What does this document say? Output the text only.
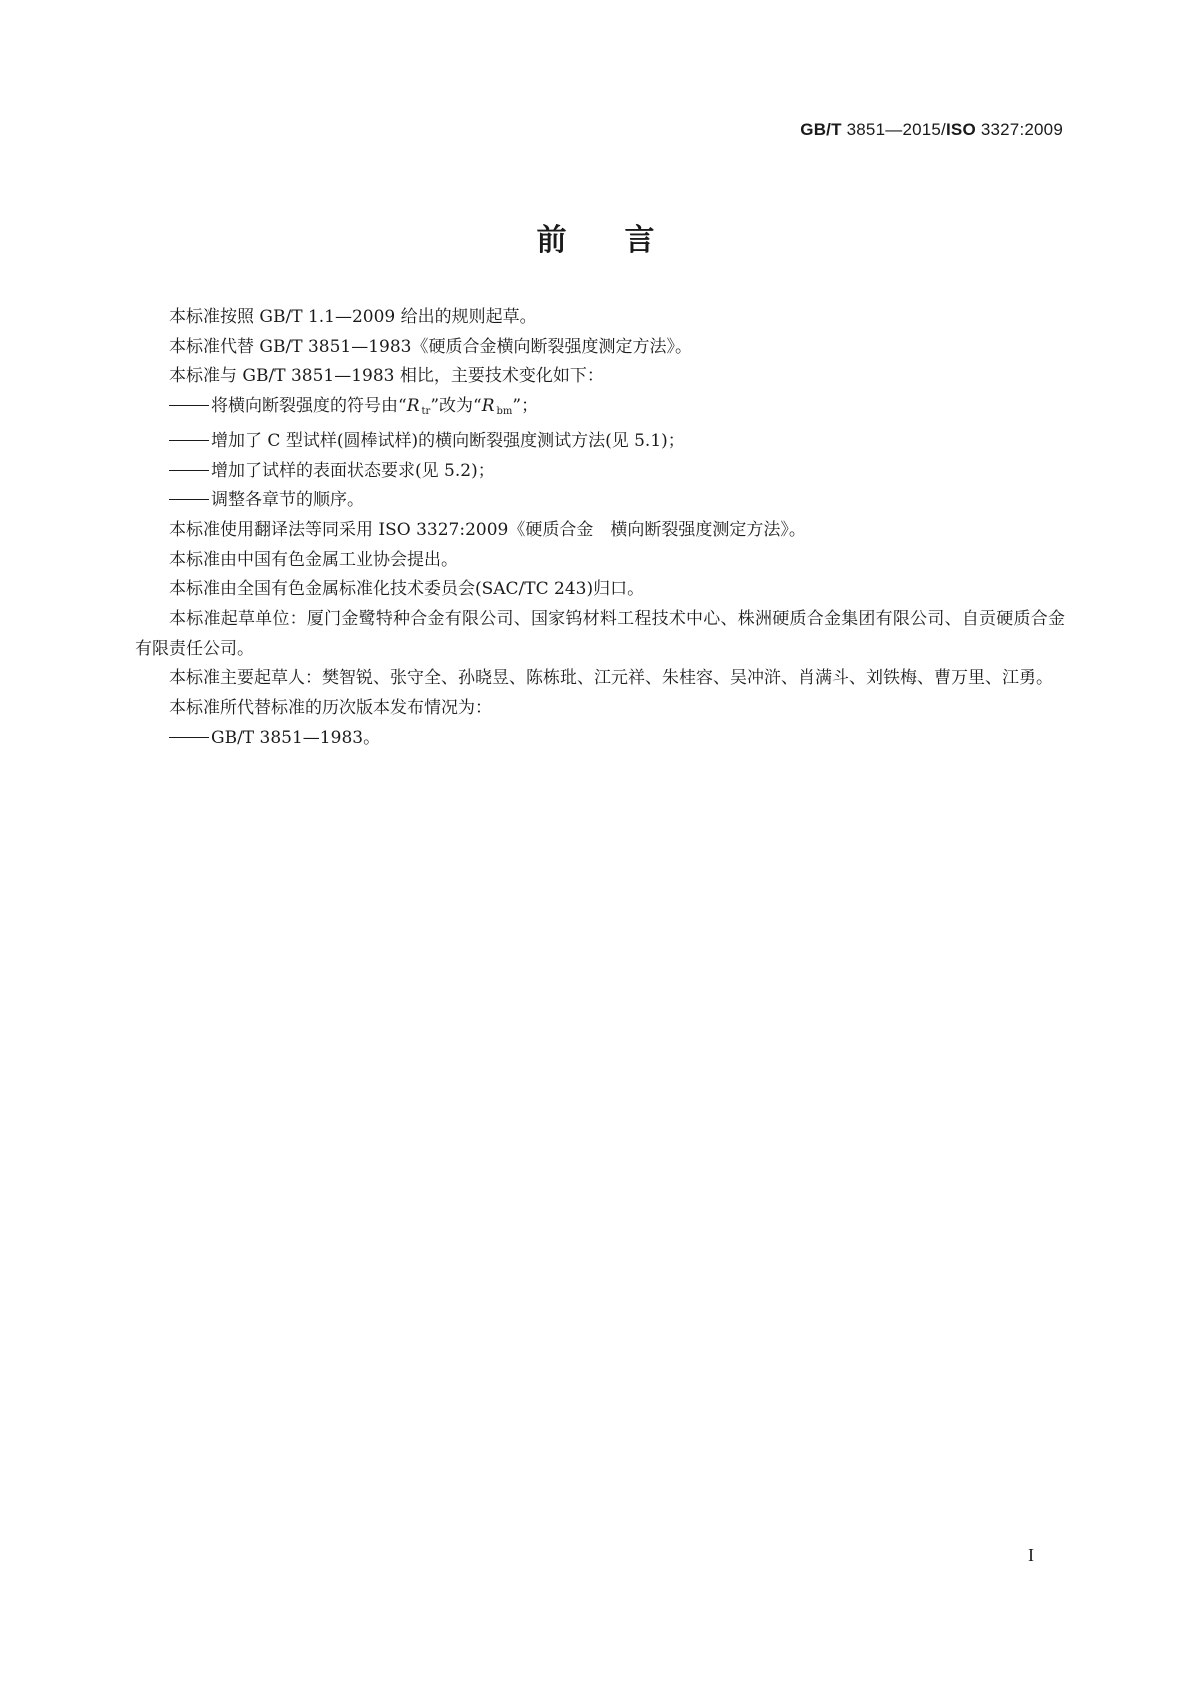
GB/T 3851—2015/ISO 3327:2009
前言

本标准按照 GB/T 1.1—2009 给出的规则起草。

本标准代替 GB/T 3851—1983《硬质合金横向断裂强度测定方法》。

本标准与 GB/T 3851—1983 相比，主要技术变化如下：

将横向断裂强度的符号由“R $_{tr}$”改为“R $_{bm}$”；

增加了 C 型试样(圆棒试样)的横向断裂强度测试方法(见 5.1)；

增加了试样的表面状态要求(见 5.2)；

调整各章节的顺序。

本标准使用翻译法等同采用 ISO 3327:2009《硬质合金　横向断裂强度测定方法》。

本标准由中国有色金属工业协会提出。

本标准由全国有色金属标准化技术委员会(SAC/TC 243)归口。

本标准起草单位：厦门金鹭特种合金有限公司、国家钨材料工程技术中心、株洲硬质合金集团有限公司、自贡硬质合金有限责任公司。

本标准主要起草人：樊智锐、张守全、孙晓昱、陈栋玭、江元祥、朱桂容、吴冲浒、肖满斗、刘铁梅、曹万里、江勇。

本标准所代替标准的历次版本发布情况为：

GB/T 3851—1983。

I
